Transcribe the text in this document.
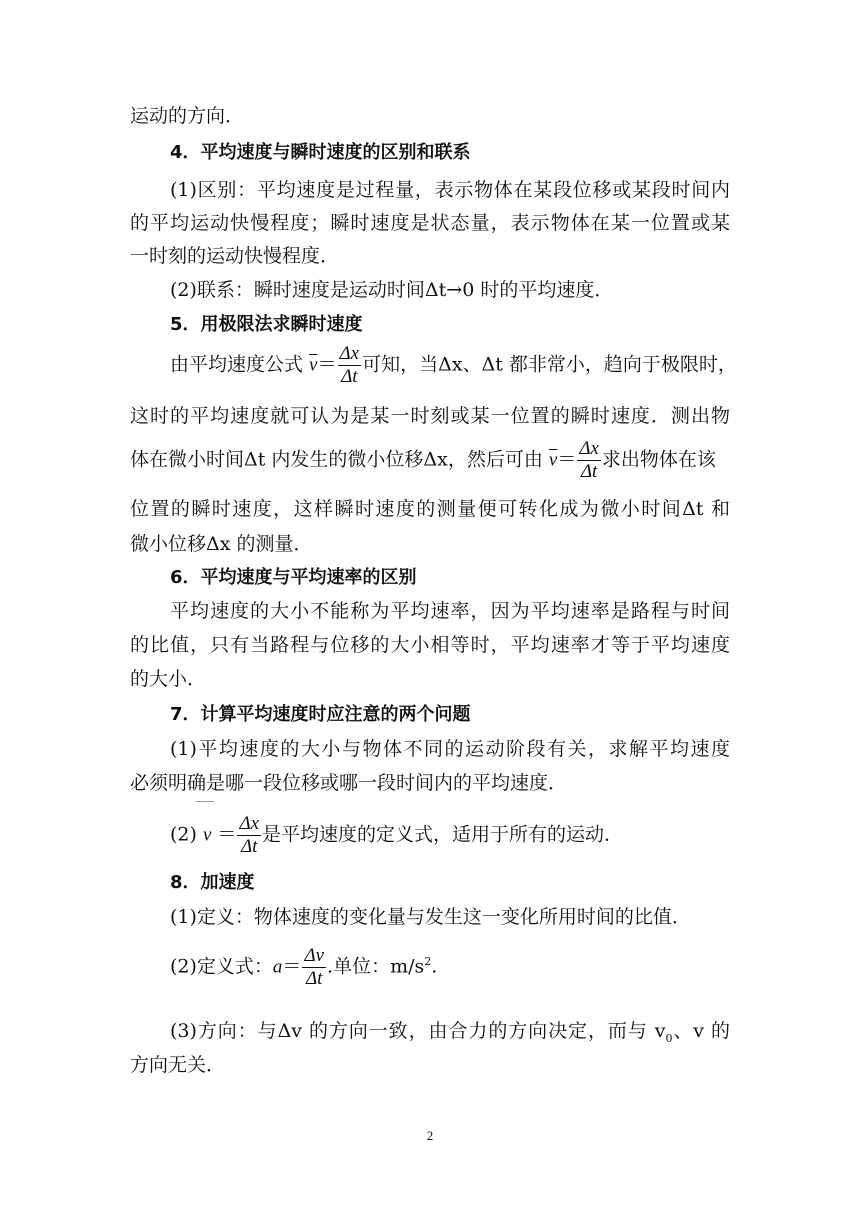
运动的方向．
4．平均速度与瞬时速度的区别和联系
(1)区别：平均速度是过程量，表示物体在某段位移或某段时间内
的平均运动快慢程度；瞬时速度是状态量，表示物体在某一位置或某
一时刻的运动快慢程度．
(2)联系：瞬时速度是运动时间Δt→0 时的平均速度．
5．用极限法求瞬时速度
由平均速度公式 $\overline{v}= \frac{\Delta x}{\Delta t}$ 可知，当Δx、Δt 都非常小，趋向于极限时，
这时的平均速度就可认为是某一时刻或某一位置的瞬时速度．测出物
体在微小时间Δt 内发生的微小位移Δx，然后可由 $\overline{v}= \frac{\Delta x}{\Delta t}$ 求出物体在该
位置的瞬时速度，这样瞬时速度的测量便可转化成为微小时间Δt 和
微小位移Δx 的测量．
6．平均速度与平均速率的区别
平均速度的大小不能称为平均速率，因为平均速率是路程与时间
的比值，只有当路程与位移的大小相等时，平均速率才等于平均速度
的大小．
7．计算平均速度时应注意的两个问题
(1)平均速度的大小与物体不同的运动阶段有关，求解平均速度
必须明确是哪一段位移或哪一段时间内的平均速度．
(2) $v = \frac{\Delta x}{\Delta t}$ 是平均速度的定义式，适用于所有的运动．
8．加速度
(1)定义：物体速度的变化量与发生这一变化所用时间的比值．
(2)定义式：$a= \frac{\Delta v}{\Delta t}$ .单位：$m/s^2$.
(3)方向：与Δv 的方向一致，由合力的方向决定，而与 $v_0$、v 的
方向无关．
2
